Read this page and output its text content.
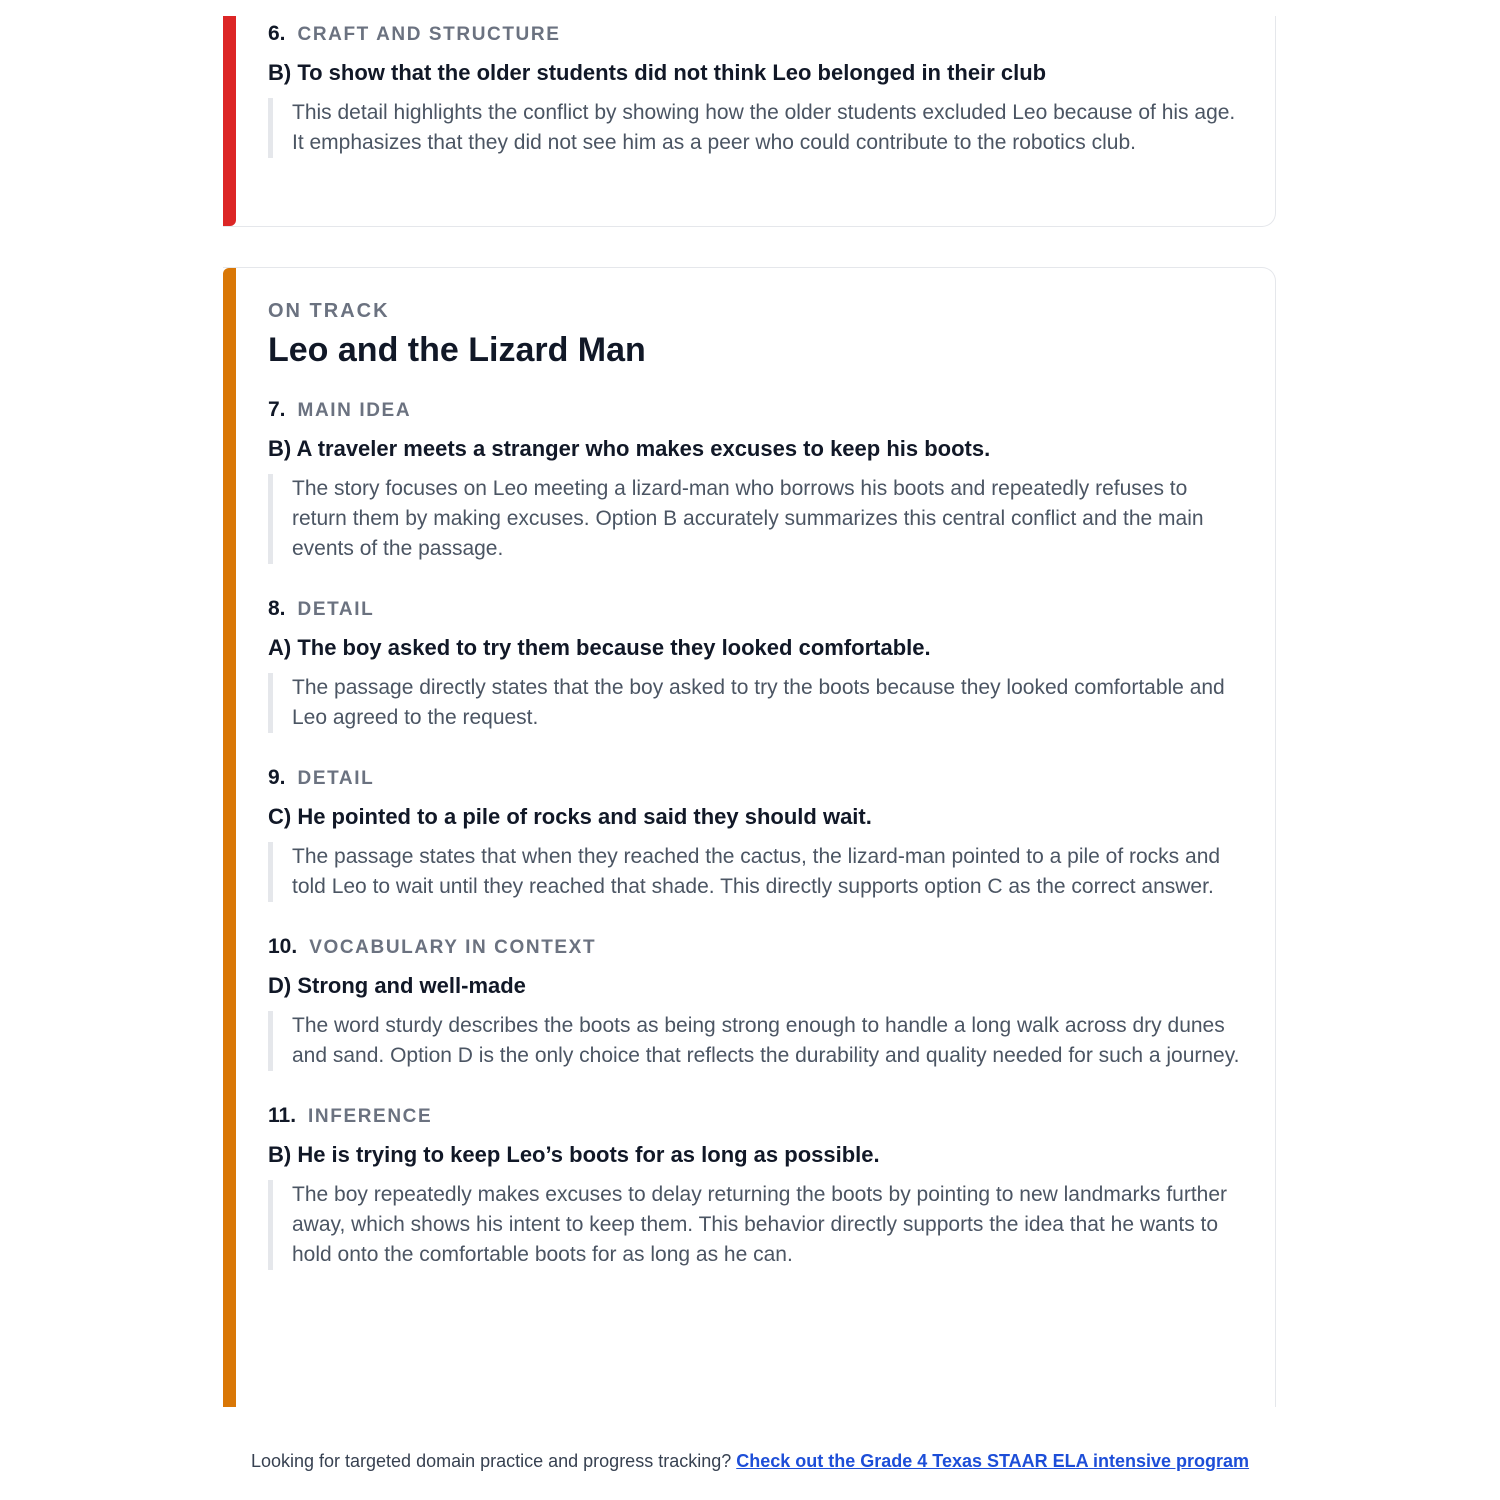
6. CRAFT AND STRUCTURE
B) To show that the older students did not think Leo belonged in their club
This detail highlights the conflict by showing how the older students excluded Leo because of his age. It emphasizes that they did not see him as a peer who could contribute to the robotics club.
ON TRACK
Leo and the Lizard Man
7. MAIN IDEA
B) A traveler meets a stranger who makes excuses to keep his boots.
The story focuses on Leo meeting a lizard-man who borrows his boots and repeatedly refuses to return them by making excuses. Option B accurately summarizes this central conflict and the main events of the passage.
8. DETAIL
A) The boy asked to try them because they looked comfortable.
The passage directly states that the boy asked to try the boots because they looked comfortable and Leo agreed to the request.
9. DETAIL
C) He pointed to a pile of rocks and said they should wait.
The passage states that when they reached the cactus, the lizard-man pointed to a pile of rocks and told Leo to wait until they reached that shade. This directly supports option C as the correct answer.
10. VOCABULARY IN CONTEXT
D) Strong and well-made
The word sturdy describes the boots as being strong enough to handle a long walk across dry dunes and sand. Option D is the only choice that reflects the durability and quality needed for such a journey.
11. INFERENCE
B) He is trying to keep Leo’s boots for as long as possible.
The boy repeatedly makes excuses to delay returning the boots by pointing to new landmarks further away, which shows his intent to keep them. This behavior directly supports the idea that he wants to hold onto the comfortable boots for as long as he can.
Looking for targeted domain practice and progress tracking? Check out the Grade 4 Texas STAAR ELA intensive program
